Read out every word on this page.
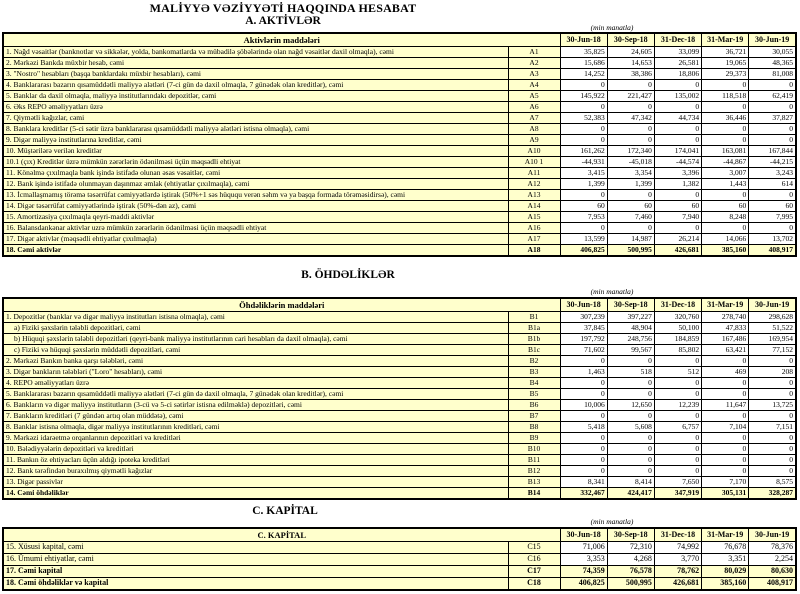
MALİYYƏ VƏZİYYƏTİ HAQQINDA HESABAT
A. AKTİVLƏR
(min manatla)
Aktivlərin maddələri		30-Jun-18	30-Sep-18	31-Dec-18	31-Mar-19	30-Jun-19
1. Nağd vəsaitlər (banknotlar və sikkələr, yolda, bankomatlarda və mübadilə şöbələrində olan nağd vəsaitlər daxil olmaqla), cəmi	A1	35,825	24,605	33,099	36,721	30,055
2. Mərkəzi Bankda müxbir hesab, cəmi	A2	15,686	14,653	26,581	19,065	48,365
3. "Nostro" hesabları (başqa banklardakı müxbir hesabları), cəmi	A3	14,252	38,386	18,806	29,373	81,008
4. Banklararası bazarın qısamüddətli maliyyə alətləri (7-ci gün də daxil olmaqla, 7 günədək olan kreditlər), cəmi	A4	0	0	0	0	0
5. Banklar da daxil olmaqla, maliyyə institutlarındakı depozitlər, cəmi	A5	145,922	221,427	135,002	118,518	62,419
6. Əks REPO əməliyyatları üzrə	A6	0	0	0	0	0
7. Qiymətli kağızlar, cəmi	A7	52,383	47,342	44,734	36,446	37,827
8. Banklara kreditlər (5-ci sətir üzrə banklararası qısamüddətli maliyyə alətləri istisna olmaqla), cəmi	A8	0	0	0	0	0
9. Digər maliyyə institutlarına kreditlər, cəmi	A9	0	0	0	0	0
10. Müştərilərə verilən kreditlər	A10	161,262	172,340	174,041	163,081	167,844
10.1 (çıx) Kreditlər üzrə mümkün zərərlərin ödənilməsi üçün məqsədli ehtiyat	A10 1	-44,931	-45,018	-44,574	-44,867	-44,215
11. Könəlmə çıxılmaqla bank işində istifadə olunan əsas vəsaitlər, cəmi	A11	3,415	3,354	3,396	3,007	3,243
12. Bank işində istifadə olunmayan daşınmaz əmlak (ehtiyatlar çıxılmaqla), cəmi	A12	1,399	1,399	1,382	1,443	614
13. İcmallaşmamış törəmə təsərrüfat cəmiyyətlərdə iştirak (50%+1 səs hüququ verən səhm və ya başqa formada törəməsidirsə), cəmi	A13	0	0	0	0	0
14. Digər təsərrüfat cəmiyyətlərində iştirak (50%-dən az), cəmi	A14	60	60	60	60	60
15. Amortizasiya çıxılmaqla qeyri-maddi aktivlər	A15	7,953	7,460	7,940	8,248	7,995
16. Balansdankənar aktivlər uzrə mümkün zərərlərin ödənilməsi üçün məqsədli ehtiyat	A16	0	0	0	0	0
17. Digər aktivlər (məqsədli ehtiyatlar çıxılmaqla)	A17	13,599	14,987	26,214	14,066	13,702
18. Cəmi aktivlər	A18	406,825	500,995	426,681	385,160	408,917
B. ÖHDƏLİKLƏR
(min manatla)
Öhdəliklərin maddələri		30-Jun-18	30-Sep-18	31-Dec-18	31-Mar-19	30-Jun-19
1. Depozitlər (banklar və digər maliyyə institutları istisna olmaqla), cəmi	B1	307,239	397,227	320,760	278,740	298,628
a) Fiziki şəxslərin tələbli depozitləri, cəmi	B1a	37,845	48,904	50,100	47,833	51,522
b) Hüquqi şəxslərin tələbli depozitləri (qeyri-bank maliyyə institutlarının cari hesabları da daxil olmaqla), cəmi	B1b	197,792	248,756	184,859	167,486	169,954
c) Fiziki və hüquqi şəxslərin müddətli depozitləri, cəmi	B1c	71,602	99,567	85,802	63,421	77,152
2. Mərkəzi Bankın banka qarşı tələbləri, cəmi	B2	0	0	0	0	0
3. Digər bankların tələbləri ("Loro" hesabları), cəmi	B3	1,463	518	512	469	208
4. REPO əməliyyatları üzrə	B4	0	0	0	0	0
5. Banklararası bazarın qısamüddətli maliyyə alətləri (7-ci gün də daxil olmaqla, 7 günədək olan kreditlər), cəmi	B5	0	0	0	0	0
6. Bankların və digər maliyyə institutların (3-cü və 5-ci sətirlər istisna edilməklə) depozitləri, cəmi	B6	10,006	12,650	12,239	11,647	13,725
7. Bankların kreditləri (7 gündən artıq olan müddətə), cəmi	B7	0	0	0	0	0
8. Banklar istisna olmaqla, digər maliyyə institutlarının kreditləri, cəmi	B8	5,418	5,608	6,757	7,104	7,151
9. Mərkəzi idarəetmə orqanlarının depozitləri və kreditləri	B9	0	0	0	0	0
10. Bələdiyyələrin depozitləri və kreditləri	B10	0	0	0	0	0
11. Bankın öz ehtiyacları üçün aldığı ipoteka kreditləri	B11	0	0	0	0	0
12. Bank tərəfindən buraxılmış qiymətli kağızlar	B12	0	0	0	0	0
13. Digər passivlər	B13	8,341	8,414	7,650	7,170	8,575
14. Cəmi öhdəliklər	B14	332,467	424,417	347,919	305,131	328,287
C. KAPİTAL
(min manatla)
C. KAPİTAL		30-Jun-18	30-Sep-18	31-Dec-18	31-Mar-19	30-Jun-19
15. Xüsusi kapital, cəmi	C15	71,006	72,310	74,992	76,678	78,376
16. Ümumi ehtiyatlar, cəmi	C16	3,353	4,268	3,770	3,351	2,254
17. Cəmi kapital	C17	74,359	76,578	78,762	80,029	80,630
18. Cəmi öhdəliklər və kapital	C18	406,825	500,995	426,681	385,160	408,917
